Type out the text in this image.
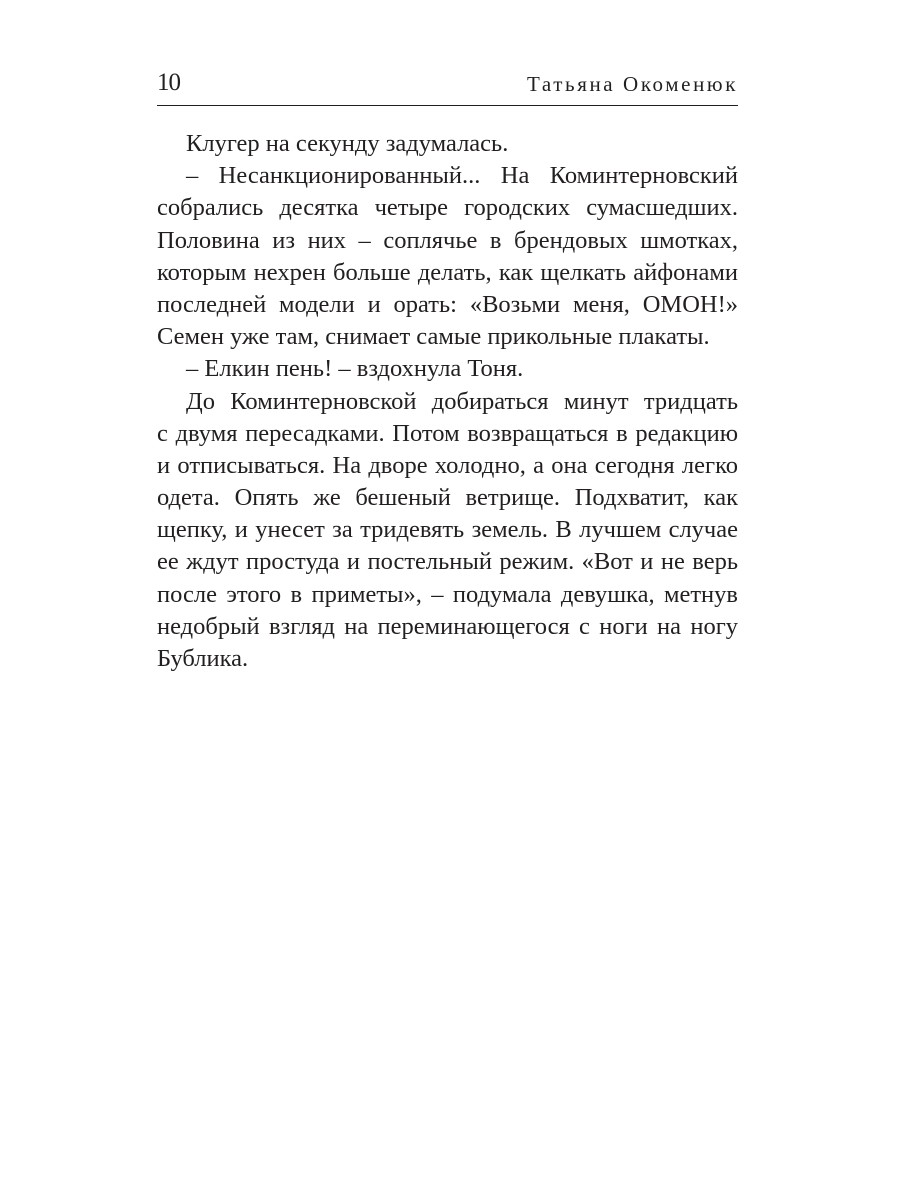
10	Татьяна Окоменюк
Клугер на секунду задумалась.
– Несанкционированный... На Коминтерновский
собрались десятка четыре городских сумасшедших.
Половина из них – соплячье в брендовых шмотках,
которым нехрен больше делать, как щелкать айфонами
последней модели и орать: «Возьми меня, ОМОН!»
Семен уже там, снимает самые прикольные плакаты.
– Елкин пень! – вздохнула Тоня.
До Коминтерновской добираться минут тридцать
с двумя пересадками. Потом возвращаться в редакцию
и отписываться. На дворе холодно, а она сегодня легко
одета. Опять же бешеный ветрище. Подхватит, как
щепку, и унесет за тридевять земель. В лучшем случае
ее ждут простуда и постельный режим. «Вот и не верь
после этого в приметы», – подумала девушка, метнув
недобрый взгляд на переминающегося с ноги на ногу
Бублика.
